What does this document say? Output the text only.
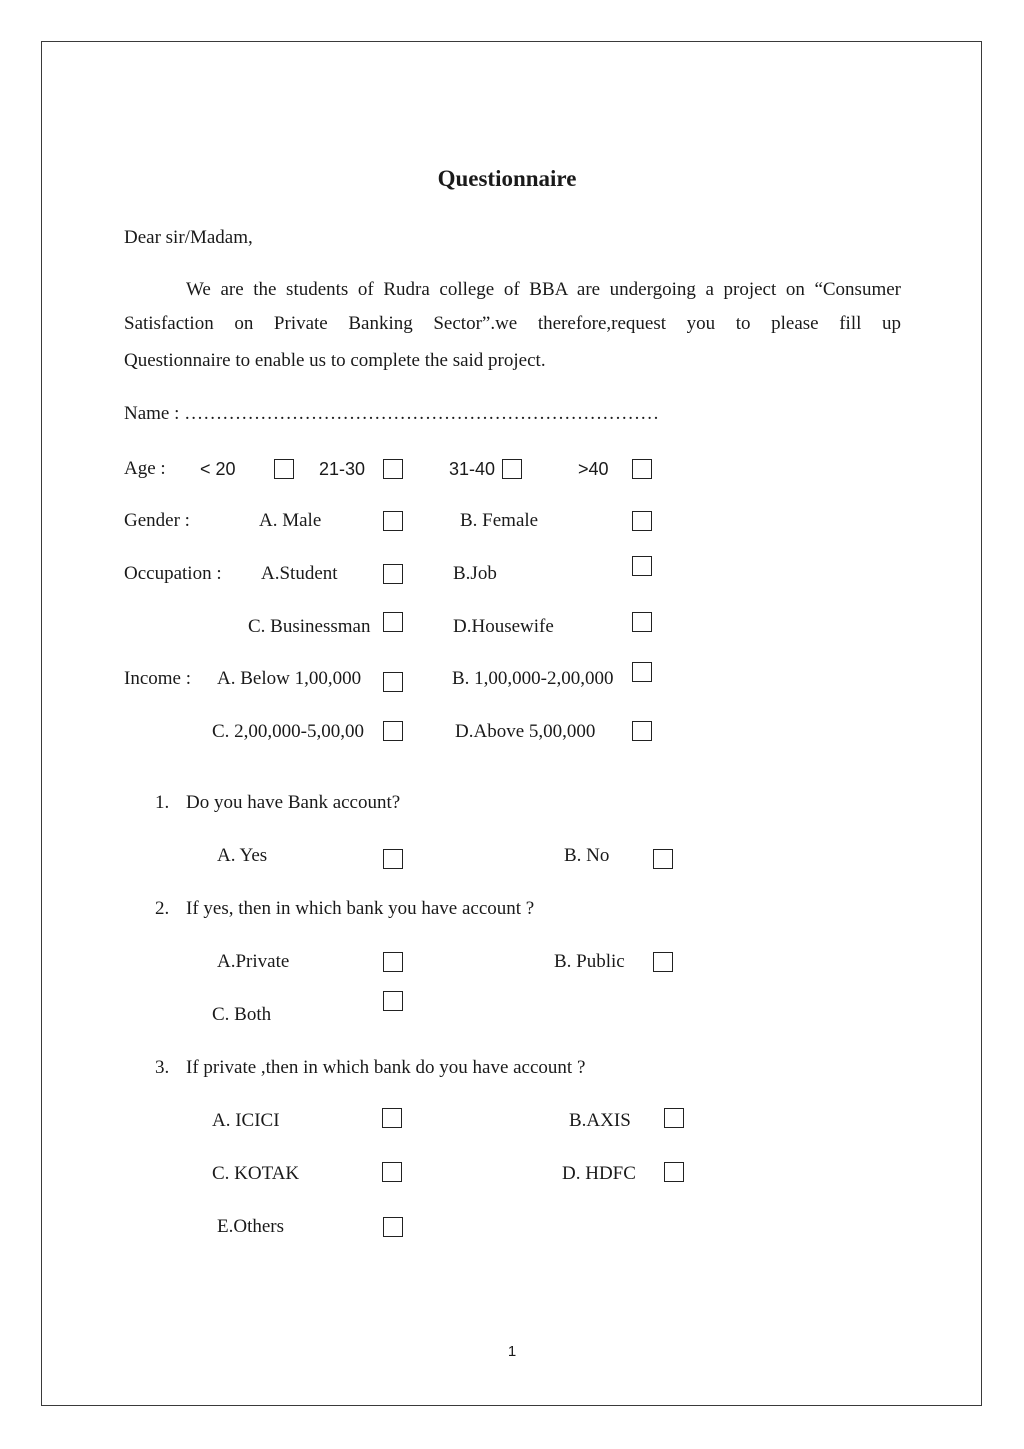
Questionnaire
Dear sir/Madam,
We are the students of Rudra college of BBA are undergoing a project on “Consumer
Satisfaction on Private Banking Sector”.we therefore,request you to please fill up
Questionnaire to enable us to complete the said project.
Name : …………………………………………………………………
Age : < 20	21-30	31-40	>40
Gender :	A. Male	B. Female
Occupation : A.Student	B.Job
C. Businessman	D.Housewife
Income : A. Below 1,00,000	B. 1,00,000-2,00,000
C. 2,00,000-5,00,00	D.Above 5,00,000
1. Do you have Bank account?
A. Yes	B. No
2. If yes, then in which bank you have account ?
A.Private	B. Public
C. Both
3. If private ,then in which bank do you have account ?
A. ICICI	B.AXIS
C. KOTAK	D. HDFC
E.Others
1
